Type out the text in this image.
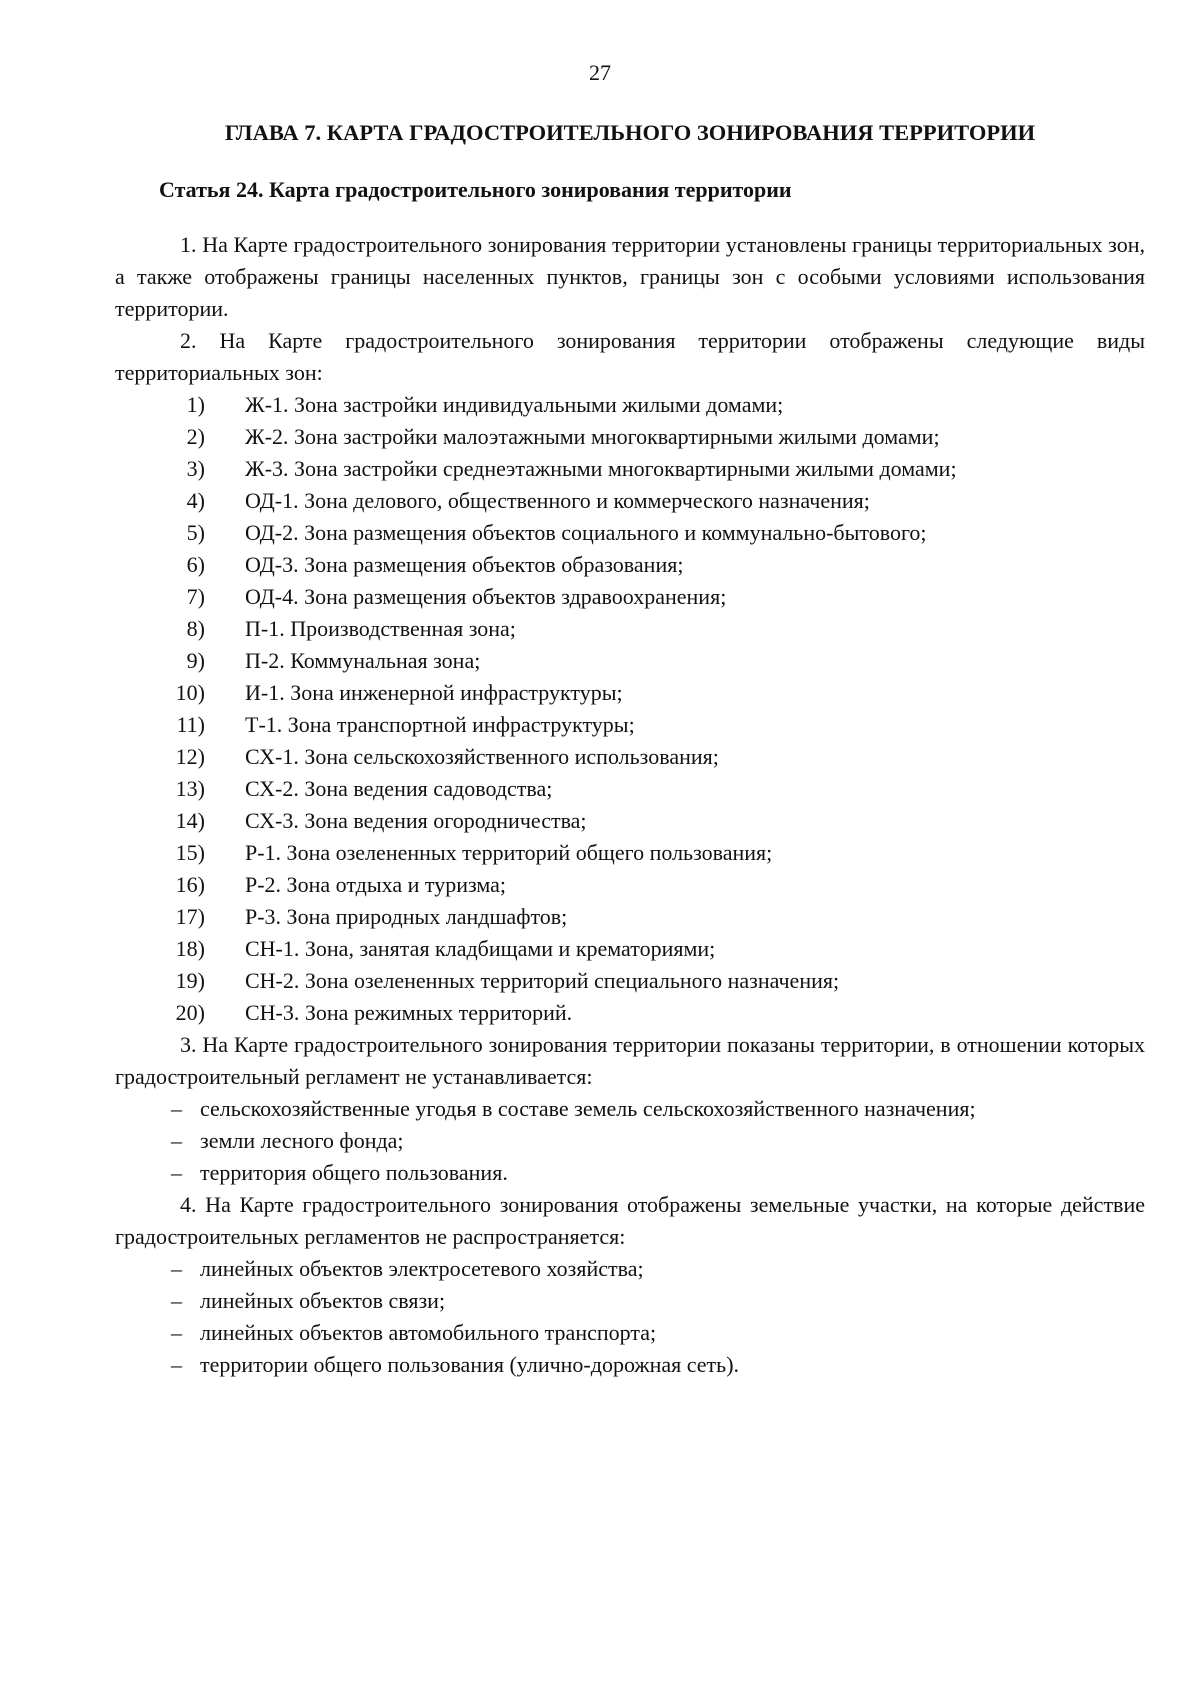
27
ГЛАВА 7. КАРТА ГРАДОСТРОИТЕЛЬНОГО ЗОНИРОВАНИЯ ТЕРРИТОРИИ
Статья 24. Карта градостроительного зонирования территории

1. На Карте градостроительного зонирования территории установлены границы территориальных зон, а также отображены границы населенных пунктов, границы зон с особыми условиями использования территории.

2. На Карте градостроительного зонирования территории отображены следующие виды территориальных зон:

1) Ж-1. Зона застройки индивидуальными жилыми домами;
2) Ж-2. Зона застройки малоэтажными многоквартирными жилыми домами;
3) Ж-3. Зона застройки среднеэтажными многоквартирными жилыми домами;
4) ОД-1. Зона делового, общественного и коммерческого назначения;
5) ОД-2. Зона размещения объектов социального и коммунально-бытового;
6) ОД-3. Зона размещения объектов образования;
7) ОД-4. Зона размещения объектов здравоохранения;
8) П-1. Производственная зона;
9) П-2. Коммунальная зона;
10) И-1. Зона инженерной инфраструктуры;
11) Т-1. Зона транспортной инфраструктуры;
12) СХ-1. Зона сельскохозяйственного использования;
13) СХ-2. Зона ведения садоводства;
14) СХ-3. Зона ведения огородничества;
15) Р-1. Зона озелененных территорий общего пользования;
16) Р-2. Зона отдыха и туризма;
17) Р-3. Зона природных ландшафтов;
18) СН-1. Зона, занятая кладбищами и крематориями;
19) СН-2. Зона озелененных территорий специального назначения;
20) СН-3. Зона режимных территорий.

3. На Карте градостроительного зонирования территории показаны территории, в отношении которых градостроительный регламент не устанавливается:

– сельскохозяйственные угодья в составе земель сельскохозяйственного назначения;
– земли лесного фонда;
– территория общего пользования.

4. На Карте градостроительного зонирования отображены земельные участки, на которые действие градостроительных регламентов не распространяется:

– линейных объектов электросетевого хозяйства;
– линейных объектов связи;
– линейных объектов автомобильного транспорта;
– территории общего пользования (улично-дорожная сеть).
